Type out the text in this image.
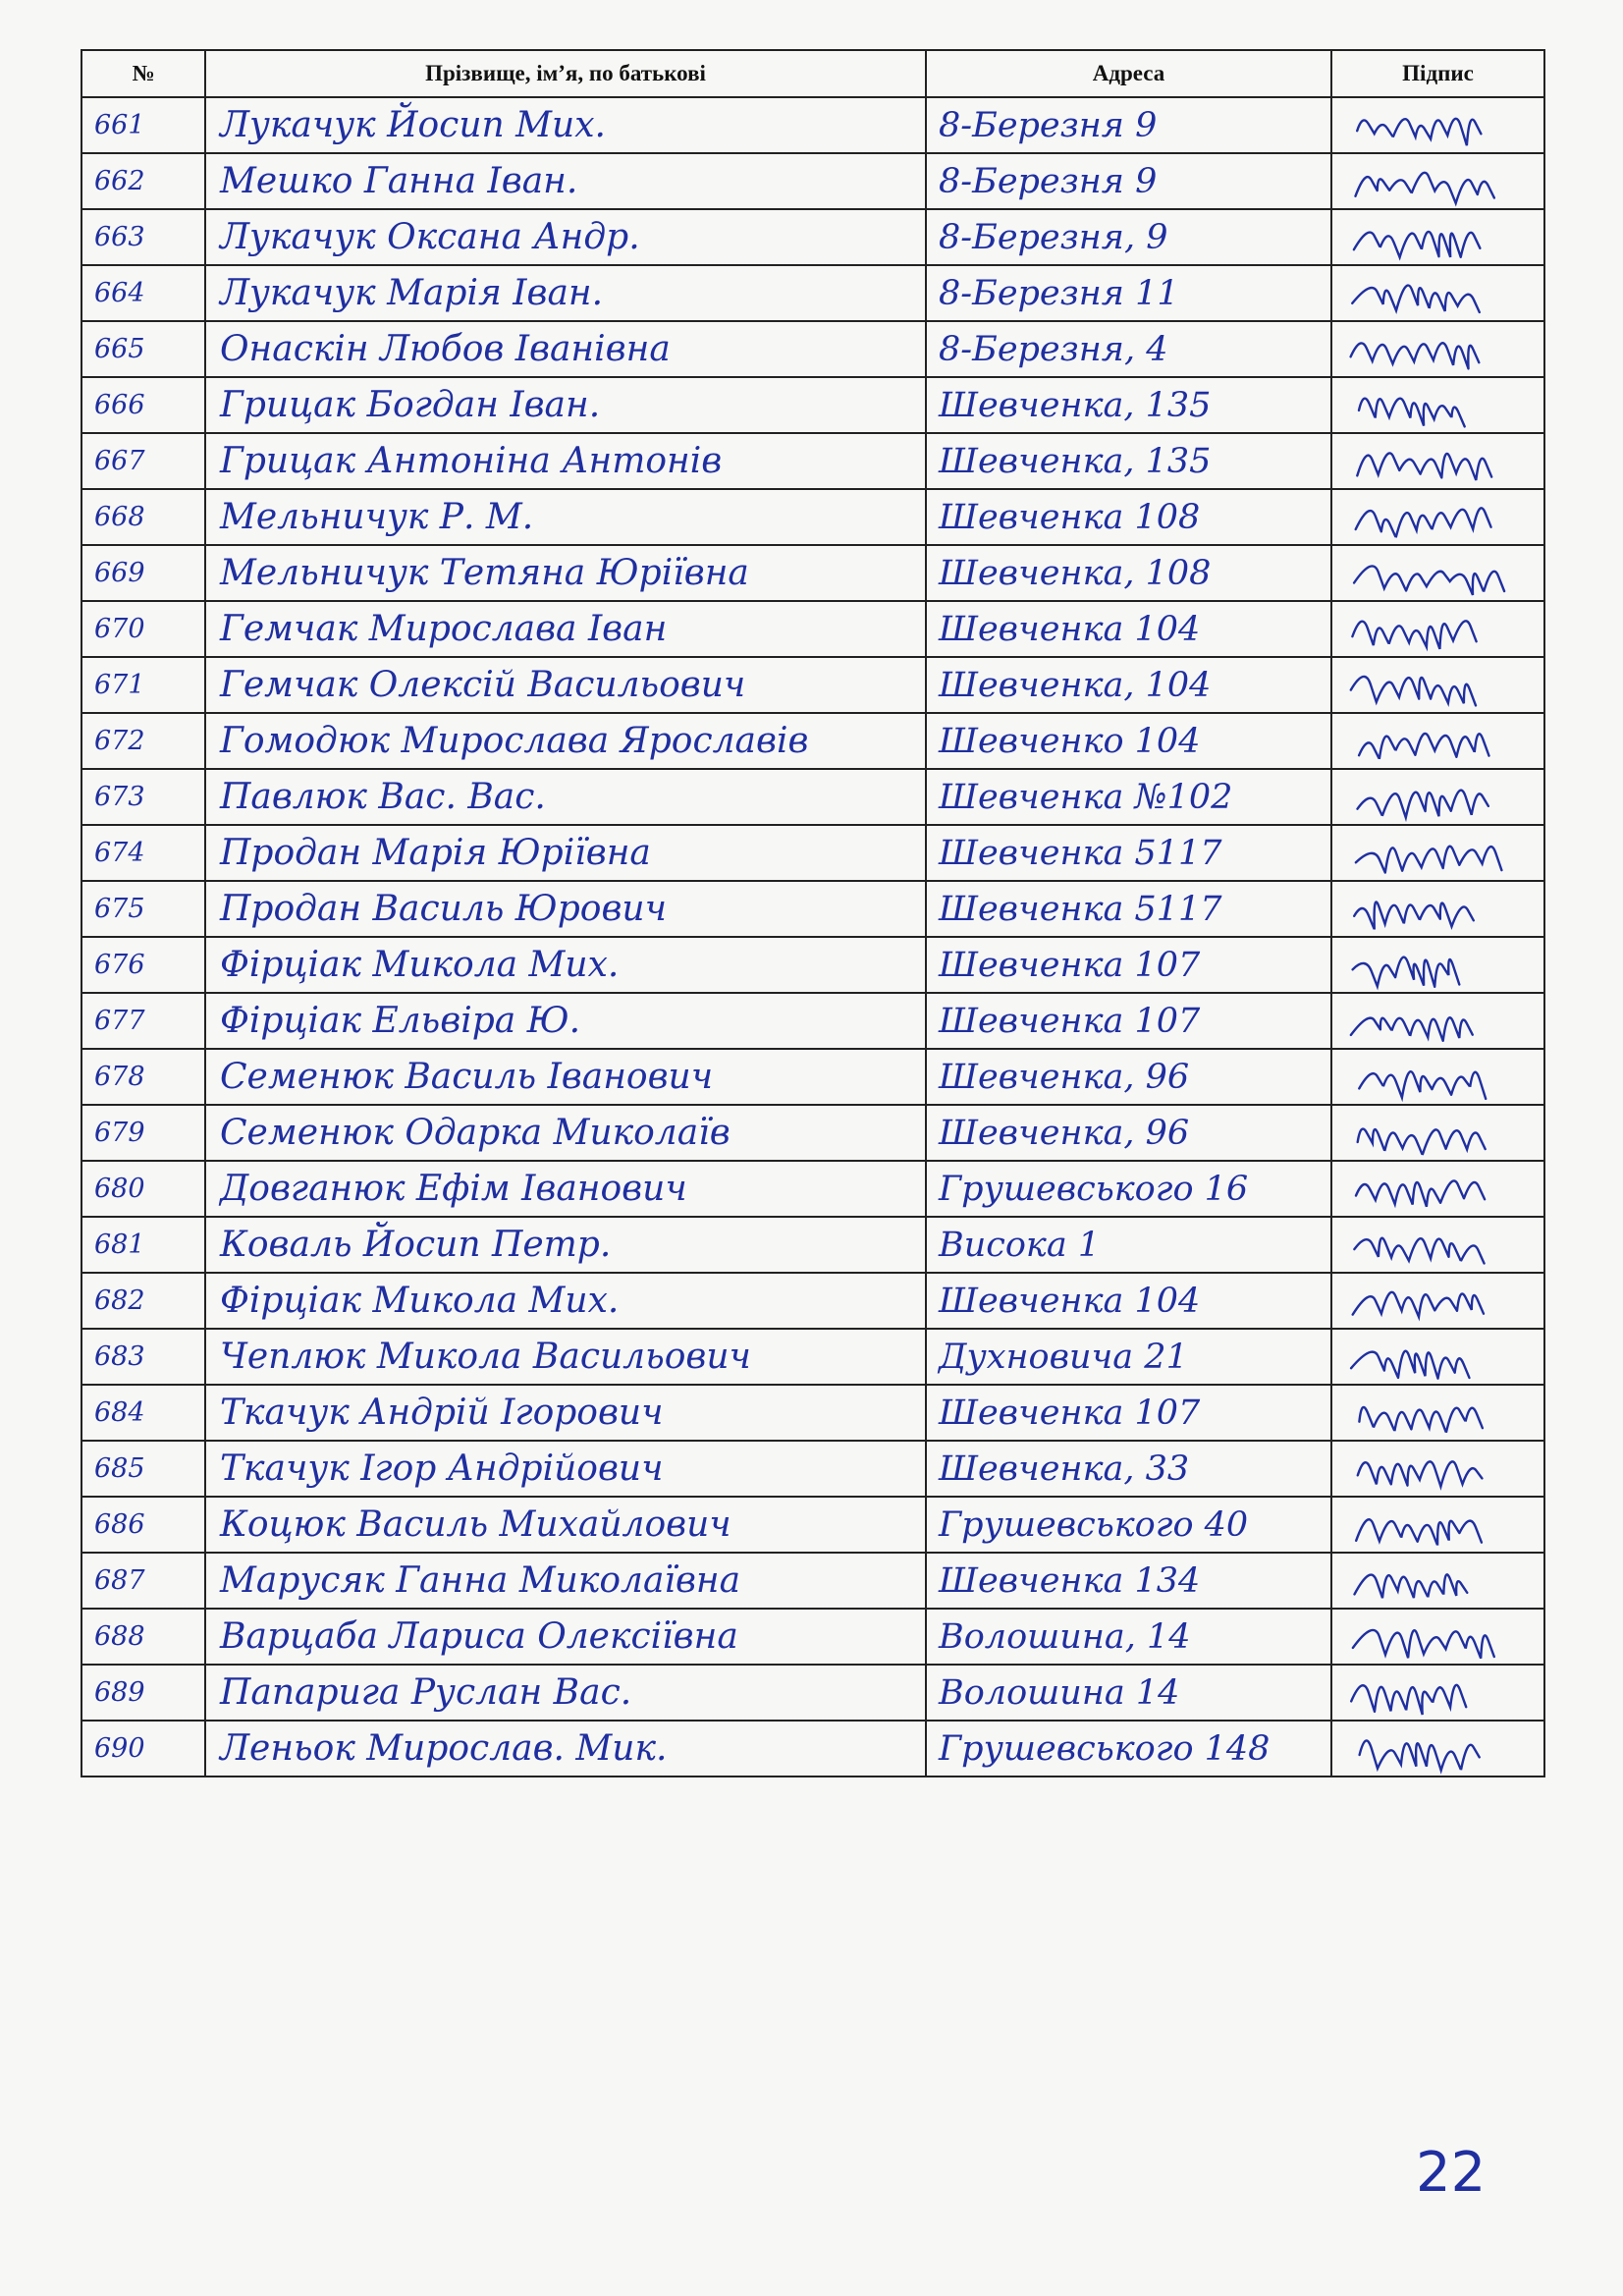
№	Прізвище, ім’я, по батькові	Адреса	Підпис
661	Лукачук Йосип Мих.	8-Березня 9	

662	Мешко Ганна Іван.	8-Березня 9	

663	Лукачук Оксана Андр.	8-Березня, 9	

664	Лукачук Марія Іван.	8-Березня 11	

665	Онаскін Любов Іванівна	8-Березня, 4	

666	Грицак Богдан Іван.	Шевченка, 135	

667	Грицак Антоніна Антонів	Шевченка, 135	

668	Мельничук Р. М.	Шевченка 108	

669	Мельничук Тетяна Юріївна	Шевченка, 108	

670	Гемчак Мирослава Іван	Шевченка 104	

671	Гемчак Олексій Васильович	Шевченка, 104	

672	Гомодюк Мирослава Ярославів	Шевченко 104	

673	Павлюк Вас. Вас.	Шевченка №102	

674	Продан Марія Юріївна	Шевченка 5117	

675	Продан Василь Юрович	Шевченка 5117	

676	Фірціак Микола Мих.	Шевченка 107	

677	Фірціак Ельвіра Ю.	Шевченка 107	

678	Семенюк Василь Іванович	Шевченка, 96	

679	Семенюк Одарка Миколаїв	Шевченка, 96	

680	Довганюк Ефім Іванович	Грушевського 16	

681	Коваль Йосип Петр.	Висока 1	

682	Фірціак Микола Мих.	Шевченка 104	

683	Чеплюк Микола Васильович	Духновича 21	

684	Ткачук Андрій Ігорович	Шевченка 107	

685	Ткачук Ігор Андрійович	Шевченка, 33	

686	Коцюк Василь Михайлович	Грушевського 40	

687	Марусяк Ганна Миколаївна	Шевченка 134	

688	Варцаба Лариса Олексіївна	Волошина, 14	

689	Папарига Руслан Вас.	Волошина 14	

690	Леньок Мирослав. Мик.	Грушевського 148	
22
